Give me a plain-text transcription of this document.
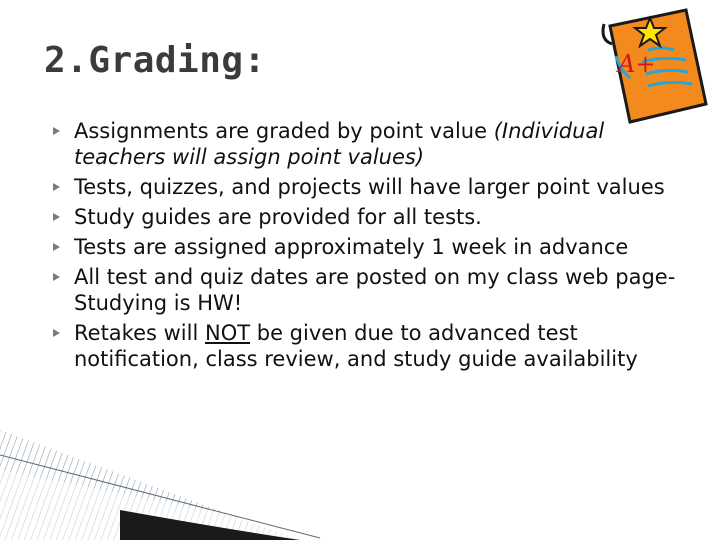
2.Grading:	A+
Assignments are graded by point value (Individual teachers will assign point values)
Tests, quizzes, and projects will have larger point values
Study guides are provided for all tests.
Tests are assigned approximately 1 week in advance
All test and quiz dates are posted on my class web page- Studying is HW!
Retakes will NOT be given due to advanced test notification, class review, and study guide availability
